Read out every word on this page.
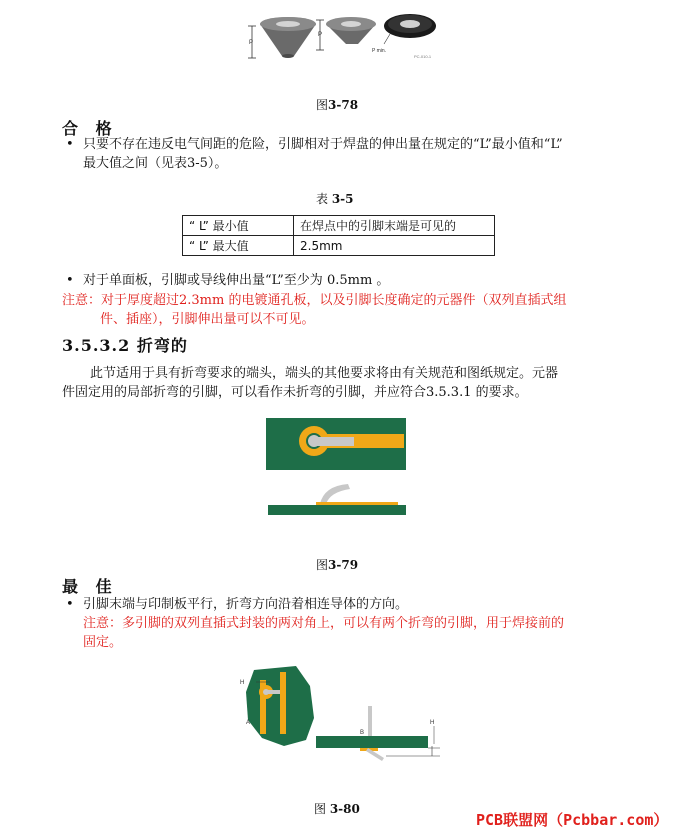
P
P
P min.
PC-010-1
图3-78
合 格
• 只要不存在违反电气间距的危险，引脚相对于焊盘的伸出量在规定的“L”最小值和“L”
最大值之间（见表3-5）。
表 3-5
“ L” 最小值	在焊点中的引脚末端是可见的
“ L” 最大值	2.5mm
• 对于单面板，引脚或导线伸出量“L”至少为 0.5mm 。
注意：对于厚度超过2.3mm 的电镀通孔板，以及引脚长度确定的元器件（双列直插式组
件、插座），引脚伸出量可以不可见。
3.5.3.2 折弯的
此节适用于具有折弯要求的端头，端头的其他要求将由有关规范和图纸规定。元器
件固定用的局部折弯的引脚，可以看作未折弯的引脚，并应符合3.5.3.1 的要求。
图3-79
最 佳
• 引脚末端与印制板平行，折弯方向沿着相连导体的方向。
注意：多引脚的双列直插式封装的两对角上，可以有两个折弯的引脚，用于焊接前的
固定。
H
A
B
H
图 3-80
PCB联盟网（Pcbbar.com）
